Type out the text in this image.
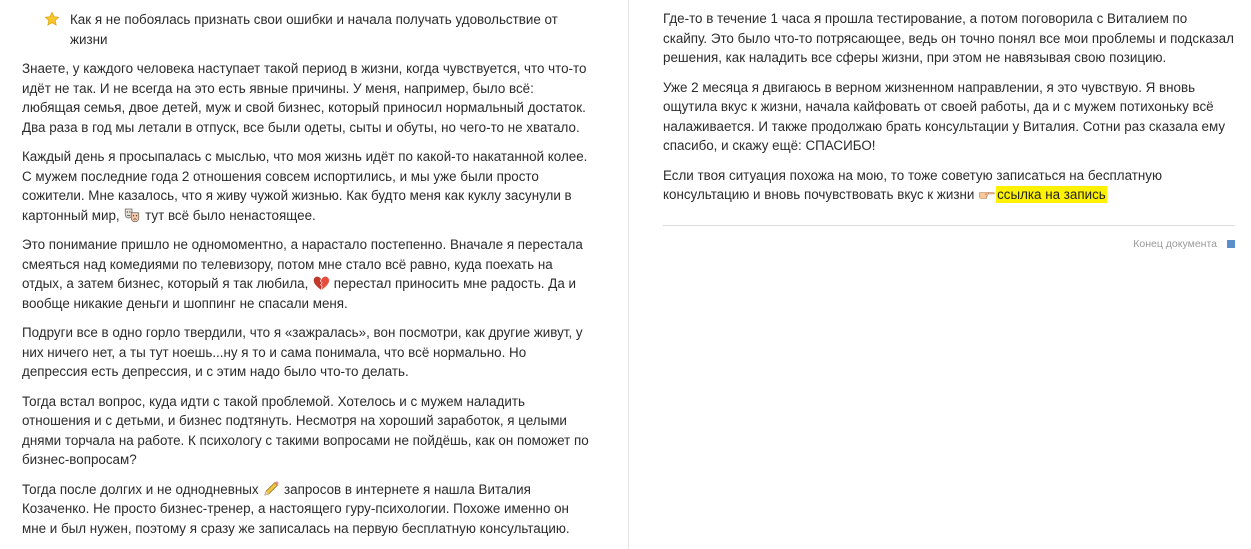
Как я не побоялась признать свои ошибки и начала получать удовольствие от жизни

Знаете, у каждого человека наступает такой период в жизни, когда чувствуется, что что-то идёт не так. И не всегда на это есть явные причины. У меня, например, было всё: любящая семья, двое детей, муж и свой бизнес, который приносил нормальный достаток. Два раза в год мы летали в отпуск, все были одеты, сыты и обуты, но чего-то не хватало.

Каждый день я просыпалась с мыслью, что моя жизнь идёт по какой-то накатанной колее. С мужем последние года 2 отношения совсем испортились, и мы уже были просто сожители. Мне казалось, что я живу чужой жизнью. Как будто меня как куклу засунули в картонный мир,  тут всё было ненастоящее.

Это понимание пришло не одномоментно, а нарастало постепенно. Вначале я перестала смеяться над комедиями по телевизору, потом мне стало всё равно, куда поехать на отдых, а затем бизнес, который я так любила,  перестал приносить мне радость. Да и вообще никакие деньги и шоппинг не спасали меня.

Подруги все в одно горло твердили, что я «зажралась», вон посмотри, как другие живут, у них ничего нет, а ты тут ноешь...ну я то и сама понимала, что всё нормально. Но депрессия есть депрессия, и с этим надо было что-то делать.

Тогда встал вопрос, куда идти с такой проблемой. Хотелось и с мужем наладить отношения и с детьми, и бизнес подтянуть. Несмотря на хороший заработок, я целыми днями торчала на работе. К психологу с такими вопросами не пойдёшь, как он поможет по бизнес-вопросам?

Тогда после долгих и не однодневных  запросов в интернете я нашла Виталия Козаченко. Не просто бизнес-тренер, а настоящего гуру-психологии. Похоже именно он мне и был нужен, поэтому я сразу же записалась на первую бесплатную консультацию.

Где-то в течение 1 часа я прошла тестирование, а потом поговорила с Виталием по скайпу. Это было что-то потрясающее, ведь он точно понял все мои проблемы и подсказал решения, как наладить все сферы жизни, при этом не навязывая свою позицию.

Уже 2 месяца я двигаюсь в верном жизненном направлении, я это чувствую. Я вновь ощутила вкус к жизни, начала кайфовать от своей работы, да и с мужем потихоньку всё налаживается. И также продолжаю брать консультации у Виталия. Сотни раз сказала ему спасибо, и скажу ещё: СПАСИБО!

Если твоя ситуация похожа на мою, то тоже советую записаться на бесплатную консультацию и вновь почувствовать вкус к жизни ссылка на запись

Конец документа
